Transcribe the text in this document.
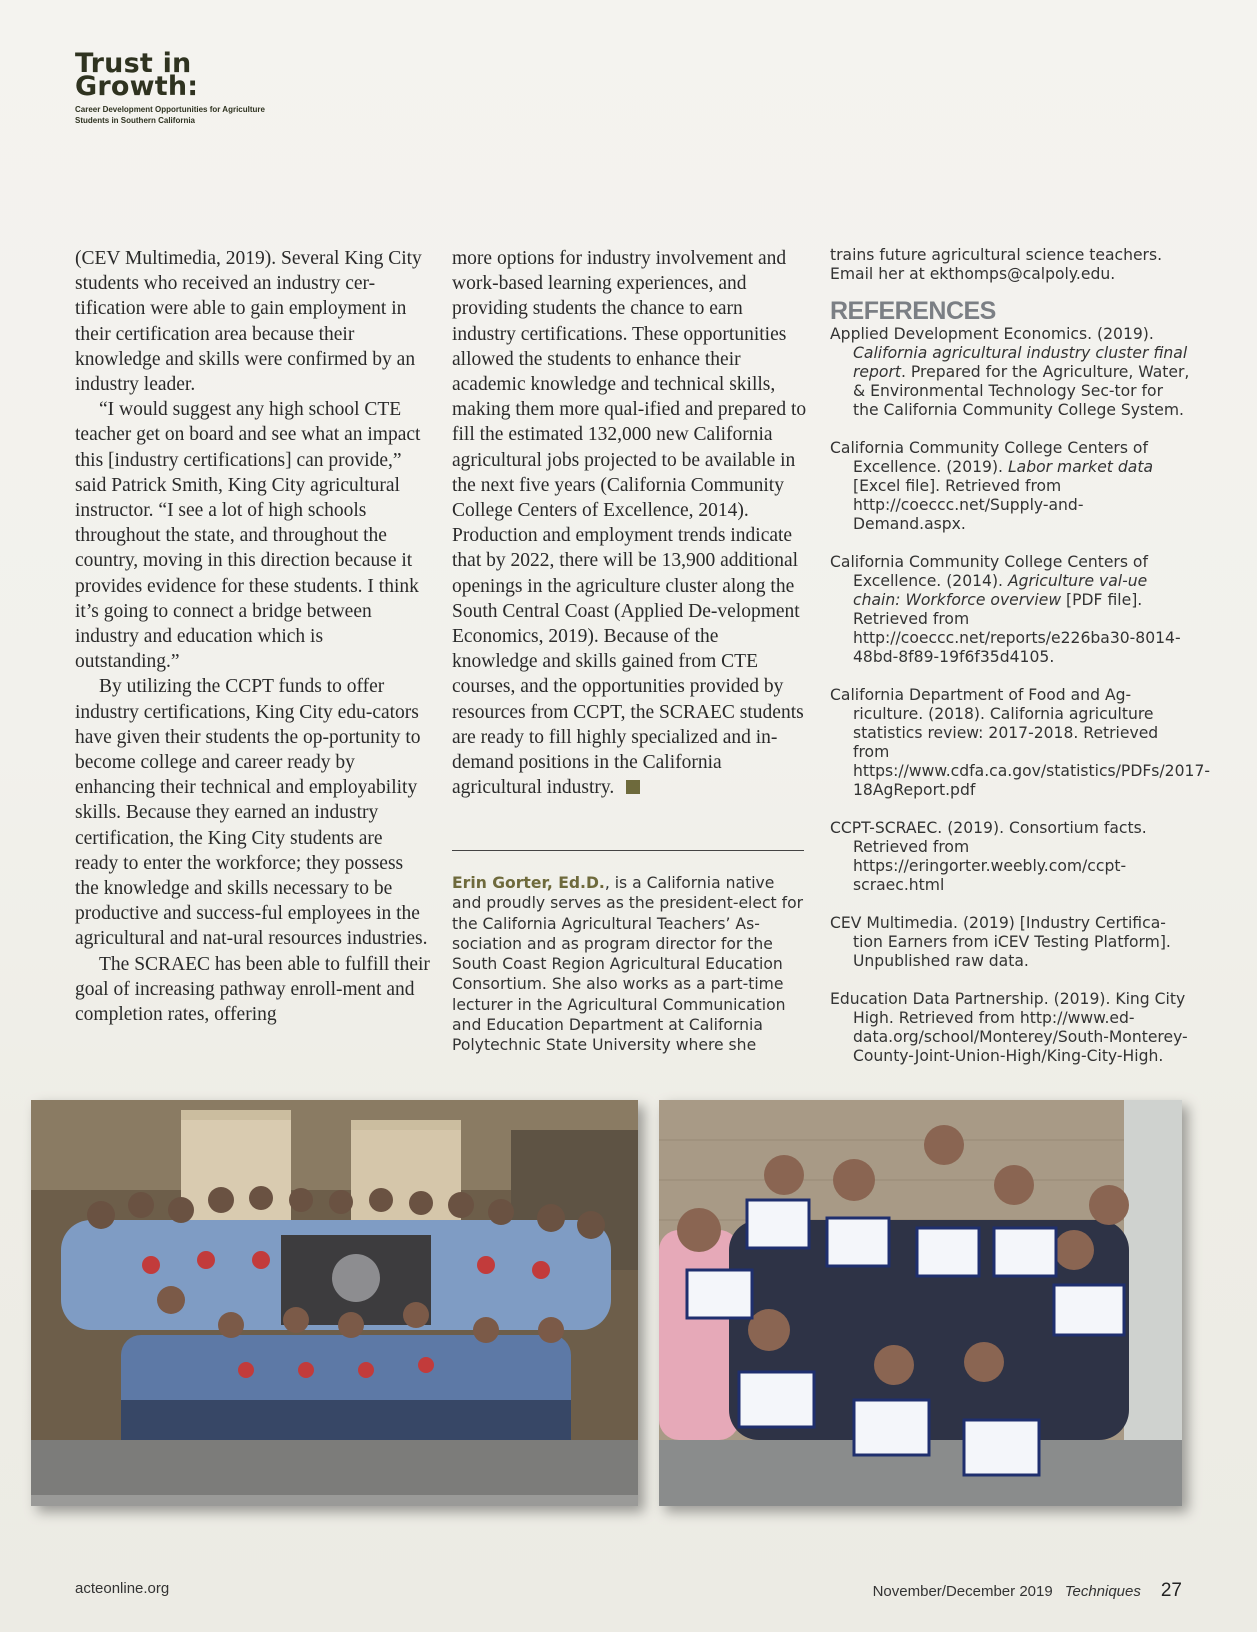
Trust in Growth:
Career Development Opportunities for Agriculture Students in Southern California

(CEV Multimedia, 2019). Several King City students who received an industry cer-tification were able to gain employment in their certification area because their knowledge and skills were confirmed by an industry leader.

“I would suggest any high school CTE teacher get on board and see what an impact this [industry certifications] can provide,” said Patrick Smith, King City agricultural instructor. “I see a lot of high schools throughout the state, and throughout the country, moving in this direction because it provides evidence for these students. I think it’s going to connect a bridge between industry and education which is outstanding.”

By utilizing the CCPT funds to offer industry certifications, King City edu-cators have given their students the op-portunity to become college and career ready by enhancing their technical and employability skills. Because they earned an industry certification, the King City students are ready to enter the workforce; they possess the knowledge and skills necessary to be productive and success-ful employees in the agricultural and nat-ural resources industries.

The SCRAEC has been able to fulfill their goal of increasing pathway enroll-ment and completion rates, offering

more options for industry involvement and work-based learning experiences, and providing students the chance to earn industry certifications. These opportunities allowed the students to enhance their academic knowledge and technical skills, making them more qual-ified and prepared to fill the estimated 132,000 new California agricultural jobs projected to be available in the next five years (California Community College Centers of Excellence, 2014). Production and employment trends indicate that by 2022, there will be 13,900 additional openings in the agriculture cluster along the South Central Coast (Applied De-velopment Economics, 2019). Because of the knowledge and skills gained from CTE courses, and the opportunities provided by resources from CCPT, the SCRAEC students are ready to fill highly specialized and in-demand positions in the California agricultural industry.

Erin Gorter, Ed.D., is a California native and proudly serves as the president-elect for the California Agricultural Teachers’ As-sociation and as program director for the South Coast Region Agricultural Education Consortium. She also works as a part-time lecturer in the Agricultural Communication and Education Department at California Polytechnic State University where she
trains future agricultural science teachers. Email her at ekthomps@calpoly.edu.
REFERENCES

Applied Development Economics. (2019). California agricultural industry cluster final report. Prepared for the Agriculture, Water, & Environmental Technology Sec-tor for the California Community College System.

California Community College Centers of Excellence. (2019). Labor market data [Excel file]. Retrieved from http://coeccc.net/Supply-and-Demand.aspx.

California Community College Centers of Excellence. (2014). Agriculture val-ue chain: Workforce overview [PDF file]. Retrieved from http://coeccc.net/reports/e226ba30-8014-48bd-8f89-19f6f35d4105.

California Department of Food and Ag-riculture. (2018). California agriculture statistics review: 2017-2018. Retrieved from https://www.cdfa.ca.gov/statistics/PDFs/2017-18AgReport.pdf

CCPT-SCRAEC. (2019). Consortium facts. Retrieved from https://eringorter.weebly.com/ccpt-scraec.html

CEV Multimedia. (2019) [Industry Certifica-tion Earners from iCEV Testing Platform]. Unpublished raw data.

Education Data Partnership. (2019). King City High. Retrieved from http://www.ed-data.org/school/Monterey/South-Monterey-County-Joint-Union-High/King-City-High.

acteonline.org	November/December 2019 Techniques 27
